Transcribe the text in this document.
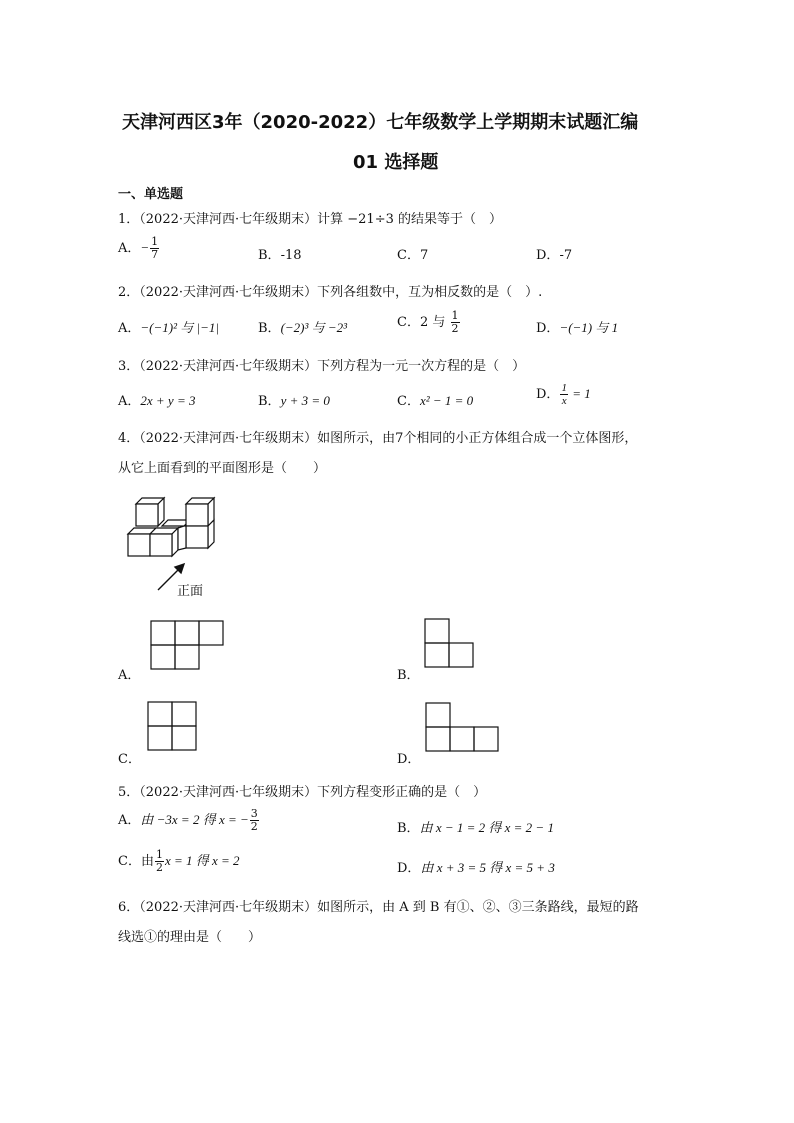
天津河西区3年（2020-2022）七年级数学上学期期末试题汇编
01 选择题
一、单选题
1．（2022·天津河西·七年级期末）计算 −21÷3 的结果等于（　）
A．− $\frac{1}{7}$	B．-18	C．7	D．-7
2．（2022·天津河西·七年级期末）下列各组数中，互为相反数的是（　）.
A．−(−1)² 与 |−1|	B．(−2)³ 与 −2³	C．2 与 $\frac{1}{2}$	D．−(−1) 与 1
3．（2022·天津河西·七年级期末）下列方程为一元一次方程的是（　）
A．2x + y = 3	B．y + 3 = 0	C．x² − 1 = 0	D． $\frac{1}{x} = 1$
4．（2022·天津河西·七年级期末）如图所示，由7个相同的小正方体组合成一个立体图形，
从它上面看到的平面图形是（　　）
正面
A．	B．
C．	D．
5．（2022·天津河西·七年级期末）下列方程变形正确的是（　）
A．由 −3x = 2 得 x = − $\frac{3}{2}$	B．由 x − 1 = 2 得 x = 2 − 1
C．由 $\frac{1}{2}$ x = 1 得 x = 2
D．由 x + 3 = 5 得 x = 5 + 3
6．（2022·天津河西·七年级期末）如图所示，由 A 到 B 有①、②、③三条路线，最短的路
线选①的理由是（　　）
